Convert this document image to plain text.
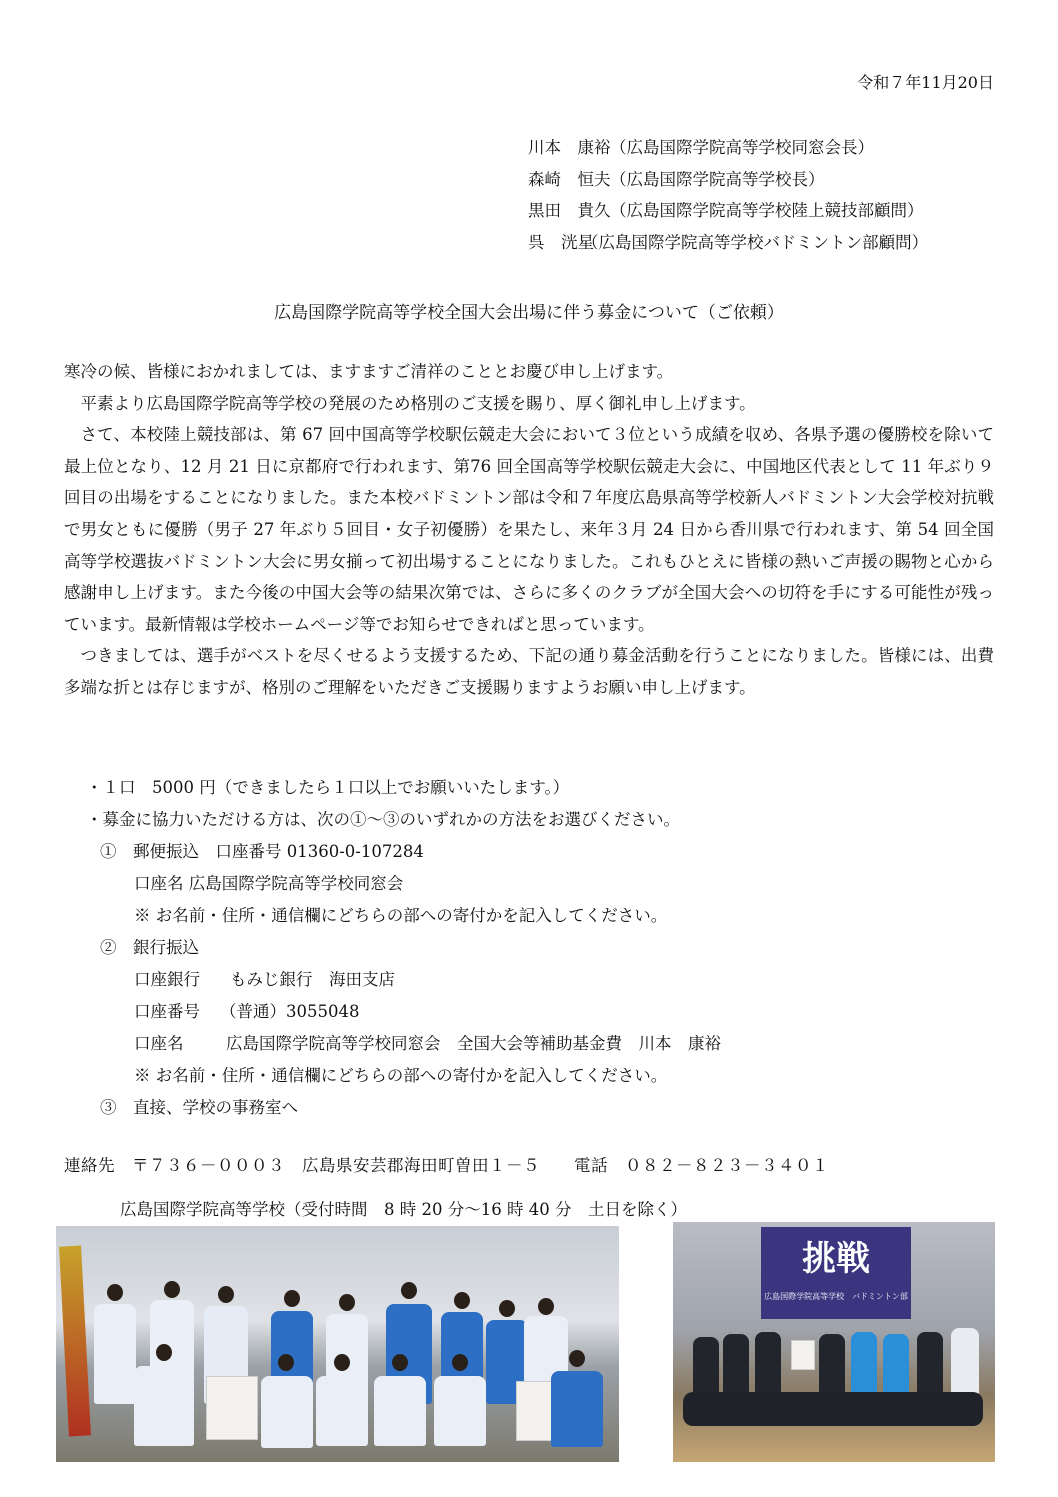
令和７年11月20日
川本　康裕（広島国際学院高等学校同窓会長）
森崎　恒夫（広島国際学院高等学校長）
黒田　貴久（広島国際学院高等学校陸上競技部顧問）
呉　洸星（広島国際学院高等学校バドミントン部顧問）
広島国際学院高等学校全国大会出場に伴う募金について（ご依頼）

寒冷の候、皆様におかれましては、ますますご清祥のこととお慶び申し上げます。

平素より広島国際学院高等学校の発展のため格別のご支援を賜り、厚く御礼申し上げます。

さて、本校陸上競技部は、第 67 回中国高等学校駅伝競走大会において３位という成績を収め、各県予選の優勝校を除いて最上位となり、12 月 21 日に京都府で行われます、第76 回全国高等学校駅伝競走大会に、中国地区代表として 11 年ぶり９回目の出場をすることになりました。また本校バドミントン部は令和７年度広島県高等学校新人バドミントン大会学校対抗戦で男女ともに優勝（男子 27 年ぶり５回目・女子初優勝）を果たし、来年３月 24 日から香川県で行われます、第 54 回全国高等学校選抜バドミントン大会に男女揃って初出場することになりました。これもひとえに皆様の熱いご声援の賜物と心から感謝申し上げます。また今後の中国大会等の結果次第では、さらに多くのクラブが全国大会への切符を手にする可能性が残っています。最新情報は学校ホームページ等でお知らせできればと思っています。

つきましては、選手がベストを尽くせるよう支援するため、下記の通り募金活動を行うことになりました。皆様には、出費多端な折とは存じますが、格別のご理解をいただきご支援賜りますようお願い申し上げます。

・１口　5000 円（できましたら１口以上でお願いいたします。）
・募金に協力いただける方は、次の①～③のいずれかの方法をお選びください。
①　郵便振込　口座番号 01360-0-107284
口座名 広島国際学院高等学校同窓会
※ お名前・住所・通信欄にどちらの部への寄付かを記入してください。
②　銀行振込
口座銀行 もみじ銀行　海田支店
口座番号 （普通）3055048
口座名	広島国際学院高等学校同窓会　全国大会等補助基金費　川本　康裕
※ お名前・住所・通信欄にどちらの部への寄付かを記入してください。
③　直接、学校の事務室へ
連絡先　〒７３６－０００３　広島県安芸郡海田町曽田１－５　　電話　０８２－８２３－３４０１
広島国際学院高等学校（受付時間　8 時 20 分～16 時 40 分　土日を除く）
挑戦
広島国際学院高等学校　バドミントン部
